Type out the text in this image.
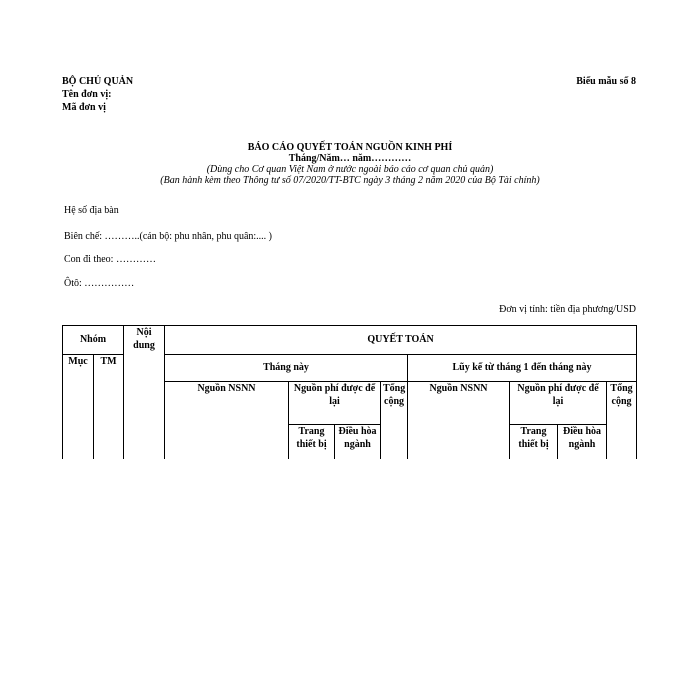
BỘ CHỦ QUẢN
Tên đơn vị:
Mã đơn vị
Biểu mẫu số 8
BÁO CÁO QUYẾT TOÁN NGUỒN KINH PHÍ
Tháng/Năm… năm…………
(Dùng cho Cơ quan Việt Nam ở nước ngoài báo cáo cơ quan chủ quản)
(Ban hành kèm theo Thông tư số 07/2020/TT-BTC ngày 3 tháng 2 năm 2020 của Bộ Tài chính)
Hệ số địa bàn
Biên chế: ………..(cán bộ: phu nhân, phu quân:.... )
Con đi theo: …………
Ôtô: ……………
Đơn vị tính: tiền địa phương/USD
Nhóm		Nội dung	QUYẾT TOÁN							
Mục	TM		Tháng này				Lũy kế từ tháng 1 đến tháng này			
			Nguồn NSNN	Nguồn phí được để lại		Tổng cộng	Nguồn NSNN	Nguồn phí được để lại		Tổng cộng
				Trang thiết bị	Điều hòa ngành			Trang thiết bị	Điều hòa ngành	
